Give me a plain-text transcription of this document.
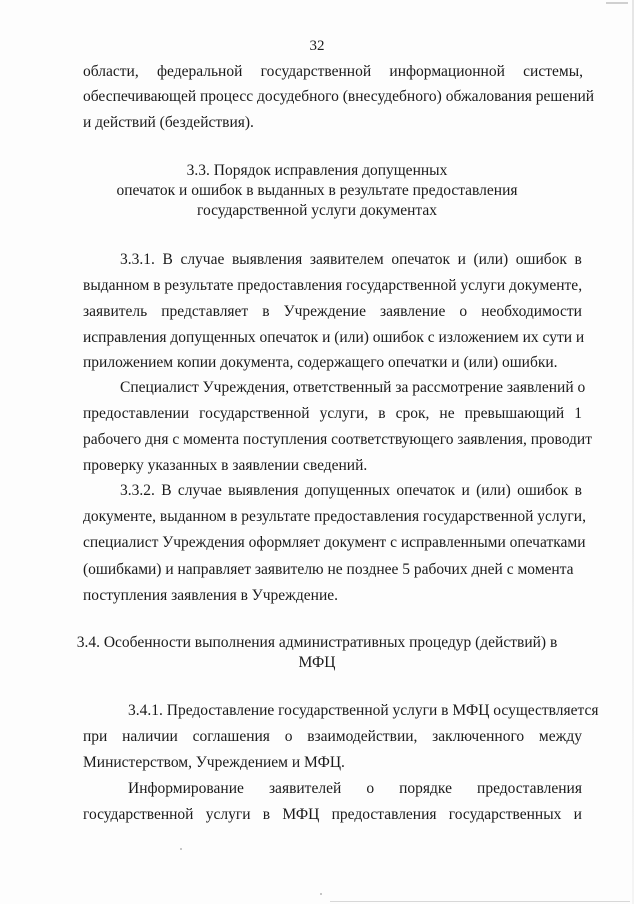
32
области, федеральной государственной информационной системы,
обеспечивающей процесс досудебного (внесудебного) обжалования решений
и действий (бездействия).
3.3. Порядок исправления допущенных
опечаток и ошибок в выданных в результате предоставления
государственной услуги документах
3.3.1. В случае выявления заявителем опечаток и (или) ошибок в
выданном в результате предоставления государственной услуги документе,
заявитель представляет в Учреждение заявление о необходимости
исправления допущенных опечаток и (или) ошибок с изложением их сути и
приложением копии документа, содержащего опечатки и (или) ошибки.
Специалист Учреждения, ответственный за рассмотрение заявлений о
предоставлении государственной услуги, в срок, не превышающий 1
рабочего дня с момента поступления соответствующего заявления, проводит
проверку указанных в заявлении сведений.
3.3.2. В случае выявления допущенных опечаток и (или) ошибок в
документе, выданном в результате предоставления государственной услуги,
специалист Учреждения оформляет документ с исправленными опечатками
(ошибками) и направляет заявителю не позднее 5 рабочих дней с момента
поступления заявления в Учреждение.
3.4. Особенности выполнения административных процедур (действий) в
МФЦ
3.4.1. Предоставление государственной услуги в МФЦ осуществляется
при наличии соглашения о взаимодействии, заключенного между
Министерством, Учреждением и МФЦ.
Информирование заявителей о порядке предоставления
государственной услуги в МФЦ предоставления государственных и
